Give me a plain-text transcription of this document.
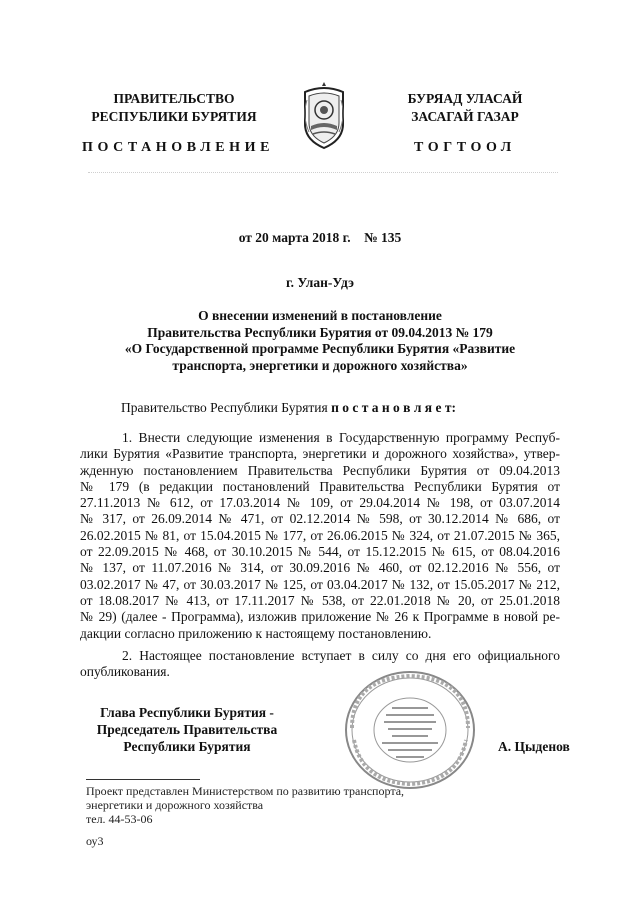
ПРАВИТЕЛЬСТВО
РЕСПУБЛИКИ БУРЯТИЯ
ПОСТАНОВЛЕНИЕ
БУРЯАД УЛАСАЙ
ЗАСАГАЙ ГАЗАР
ТОГТООЛ
от 20 марта 2018 г.    № 135
г. Улан-Удэ
О внесении изменений в постановление
Правительства Республики Бурятия от 09.04.2013 № 179
«О Государственной программе Республики Бурятия «Развитие
транспорта, энергетики и дорожного хозяйства»
Правительство Республики Бурятия п о с т а н о в л я е т:
1. Внести следующие изменения в Государственную программу Респуб-
лики Бурятия «Развитие транспорта, энергетики и дорожного хозяйства», утвер-
жденную постановлением Правительства Республики Бурятия от 09.04.2013
№ 179 (в редакции постановлений Правительства Республики Бурятия от
27.11.2013 № 612, от 17.03.2014 № 109, от 29.04.2014 № 198, от 03.07.2014
№ 317, от 26.09.2014 № 471, от 02.12.2014 № 598, от 30.12.2014 № 686, от
26.02.2015 № 81, от 15.04.2015 № 177, от 26.06.2015 № 324, от 21.07.2015 № 365,
от 22.09.2015 № 468, от 30.10.2015 № 544, от 15.12.2015 № 615, от 08.04.2016
№ 137, от 11.07.2016 № 314, от 30.09.2016 № 460, от 02.12.2016 № 556, от
03.02.2017 № 47, от 30.03.2017 № 125, от 03.04.2017 № 132, от 15.05.2017 № 212,
от 18.08.2017 № 413, от 17.11.2017 № 538, от 22.01.2018 № 20, от 25.01.2018
№ 29) (далее - Программа), изложив приложение № 26 к Программе в новой ре-
дакции согласно приложению к настоящему постановлению.
2. Настоящее постановление вступает в силу со дня его официального
опубликования.
Глава Республики Бурятия -
Председатель Правительства
Республики Бурятия	А. Цыденов
Проект представлен Министерством по развитию транспорта,
энергетики и дорожного хозяйства
тел. 44-53-06
оу3
